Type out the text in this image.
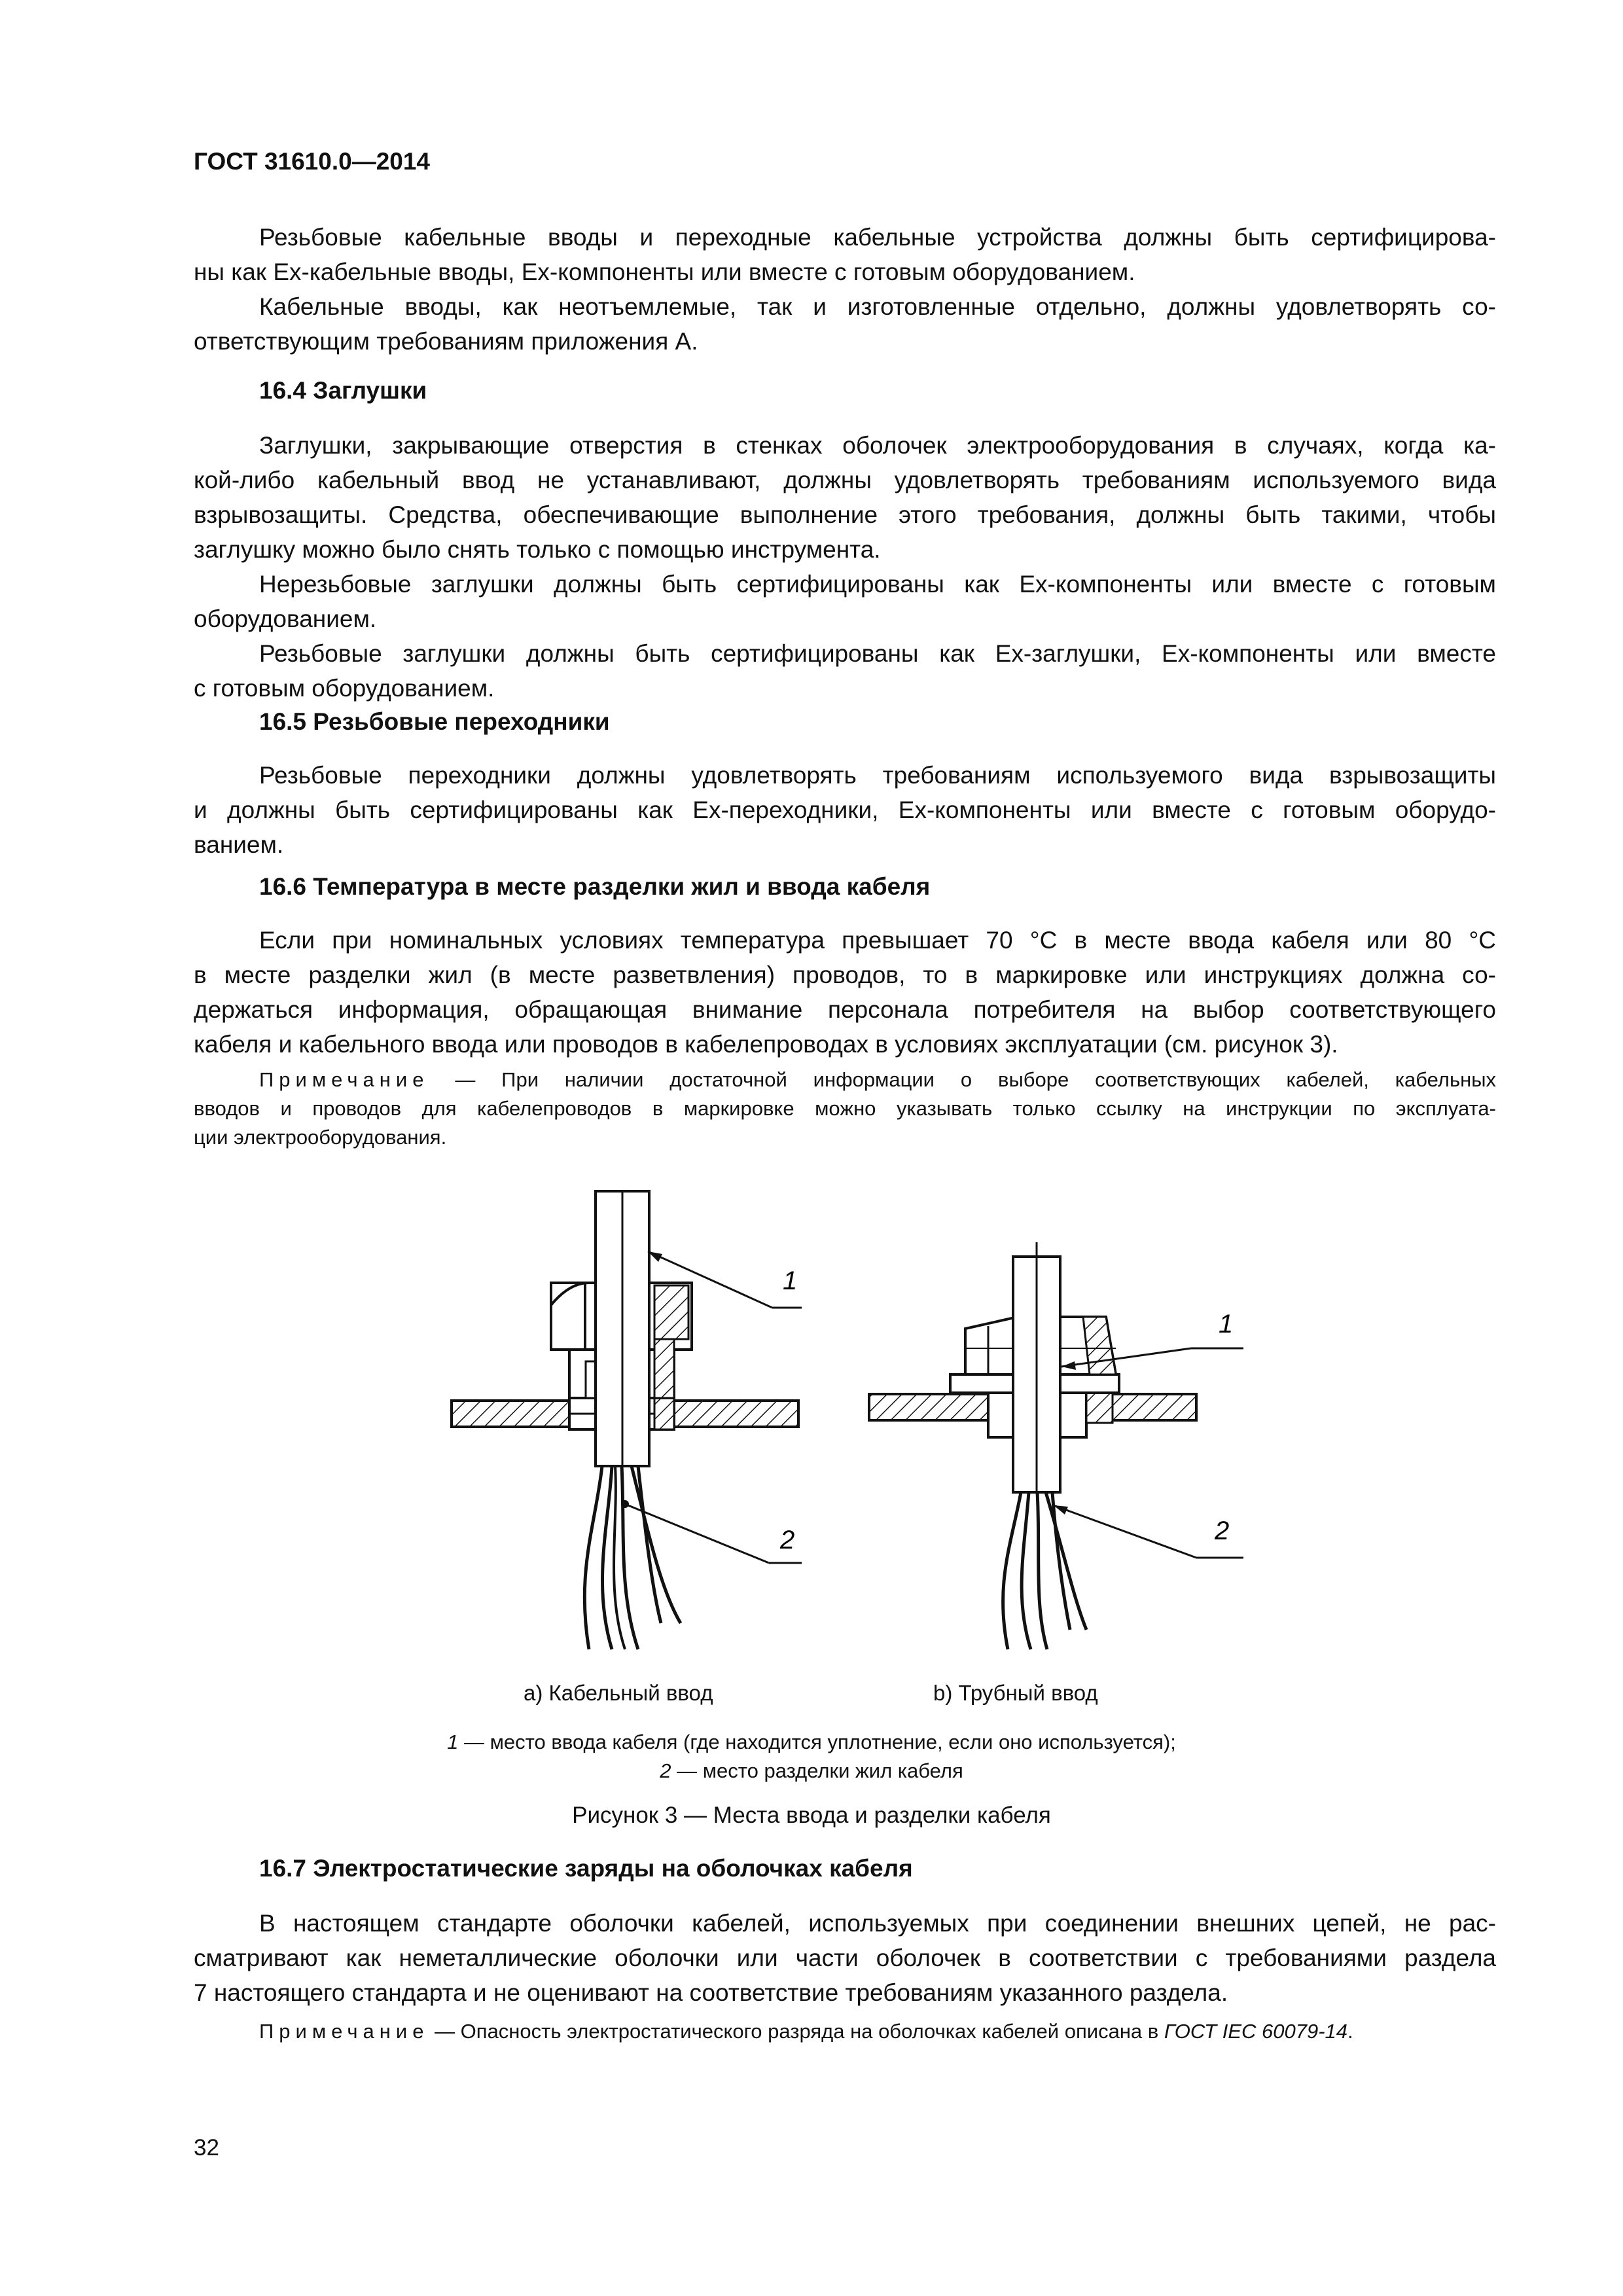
ГОСТ 31610.0—2014
Резьбовые кабельные вводы и переходные кабельные устройства должны быть сертифицирова-
ны как Ex-кабельные вводы, Ex-компоненты или вместе с готовым оборудованием.
Кабельные вводы, как неотъемлемые, так и изготовленные отдельно, должны удовлетворять со-
ответствующим требованиям приложения А.
16.4 Заглушки
Заглушки, закрывающие отверстия в стенках оболочек электрооборудования в случаях, когда ка-
кой-либо кабельный ввод не устанавливают, должны удовлетворять требованиям используемого вида
взрывозащиты. Средства, обеспечивающие выполнение этого требования, должны быть такими, чтобы
заглушку можно было снять только с помощью инструмента.
Нерезьбовые заглушки должны быть сертифицированы как Ex-компоненты или вместе с готовым
оборудованием.
Резьбовые заглушки должны быть сертифицированы как Ex-заглушки, Ex-компоненты или вместе
с готовым оборудованием.
16.5 Резьбовые переходники
Резьбовые переходники должны удовлетворять требованиям используемого вида взрывозащиты
и должны быть сертифицированы как Ex-переходники, Ex-компоненты или вместе с готовым оборудо-
ванием.
16.6 Температура в месте разделки жил и ввода кабеля
Если при номинальных условиях температура превышает 70 °С в месте ввода кабеля или 80 °С
в месте разделки жил (в месте разветвления) проводов, то в маркировке или инструкциях должна со-
держаться информация, обращающая внимание персонала потребителя на выбор соответствующего
кабеля и кабельного ввода или проводов в кабелепроводах в условиях эксплуатации (см. рисунок 3).
Примечание — При наличии достаточной информации о выборе соответствующих кабелей, кабельных
вводов и проводов для кабелепроводов в маркировке можно указывать только ссылку на инструкции по эксплуата-
ции электрооборудования.
1
2
1
2
а) Кабельный ввод	b) Трубный ввод
1 — место ввода кабеля (где находится уплотнение, если оно используется);
2 — место разделки жил кабеля
Рисунок 3 — Места ввода и разделки кабеля
16.7 Электростатические заряды на оболочках кабеля
В настоящем стандарте оболочки кабелей, используемых при соединении внешних цепей, не рас-
сматривают как неметаллические оболочки или части оболочек в соответствии с требованиями раздела
7 настоящего стандарта и не оценивают на соответствие требованиям указанного раздела.
Примечание — Опасность электростатического разряда на оболочках кабелей описана в ГОСТ IEC 60079-14.
32
